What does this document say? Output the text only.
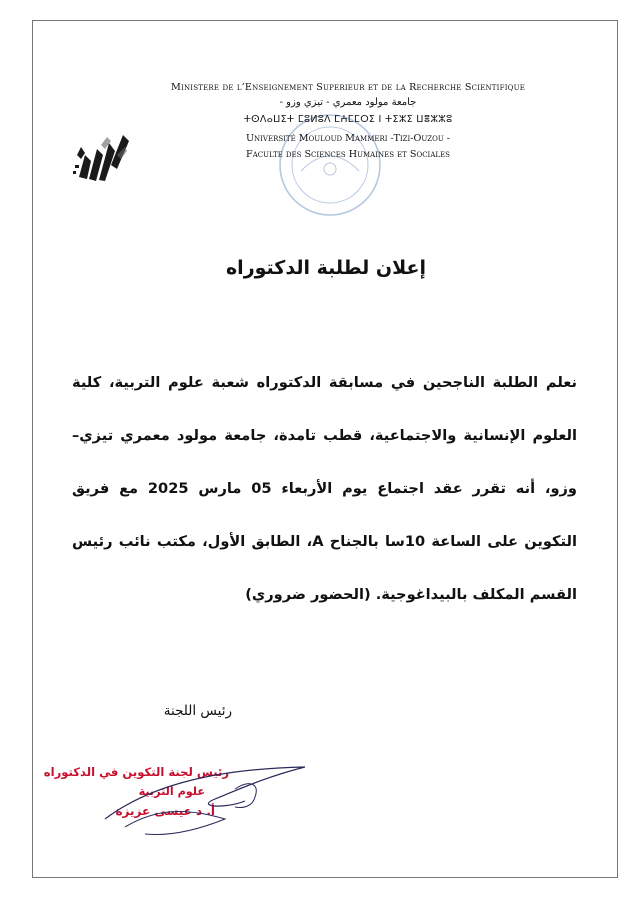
Ministere de l’Enseignement Superieur et de la Recherche Scientifique

جامعة مولود معمري - تيزي وزو -

ⵜⵙⴷⴰⵡⵉⵜ ⵎⵓⵍⵓⴷ ⵎⵄⵎⵎⵔⵉ ⵏ ⵜⵉⵣⵉ ⵡⴻⵣⵣⵓ

Université Mouloud Mammeri -Tizi-Ouzou -

Faculte des Sciences Humaines et Sociales

إعلان لطلبة الدكتوراه

نعلم الطلبة الناجحين في مسابقة الدكتوراه شعبة علوم التربية، كلية العلوم الإنسانية والاجتماعية، قطب تامدة، جامعة مولود معمري تيزي–وزو، أنه تقرر عقد اجتماع يوم الأربعاء 05 مارس 2025 مع فريق التكوين على الساعة 10سا بالجناح A، الطابق الأول، مكتب نائب رئيس القسم المكلف بالبيداغوجية. (الحضور ضروري)

رئيس اللجنة

رئيس لجنة التكوين في الدكتوراه
علوم التربية
أ. د عيسى عزيزة
